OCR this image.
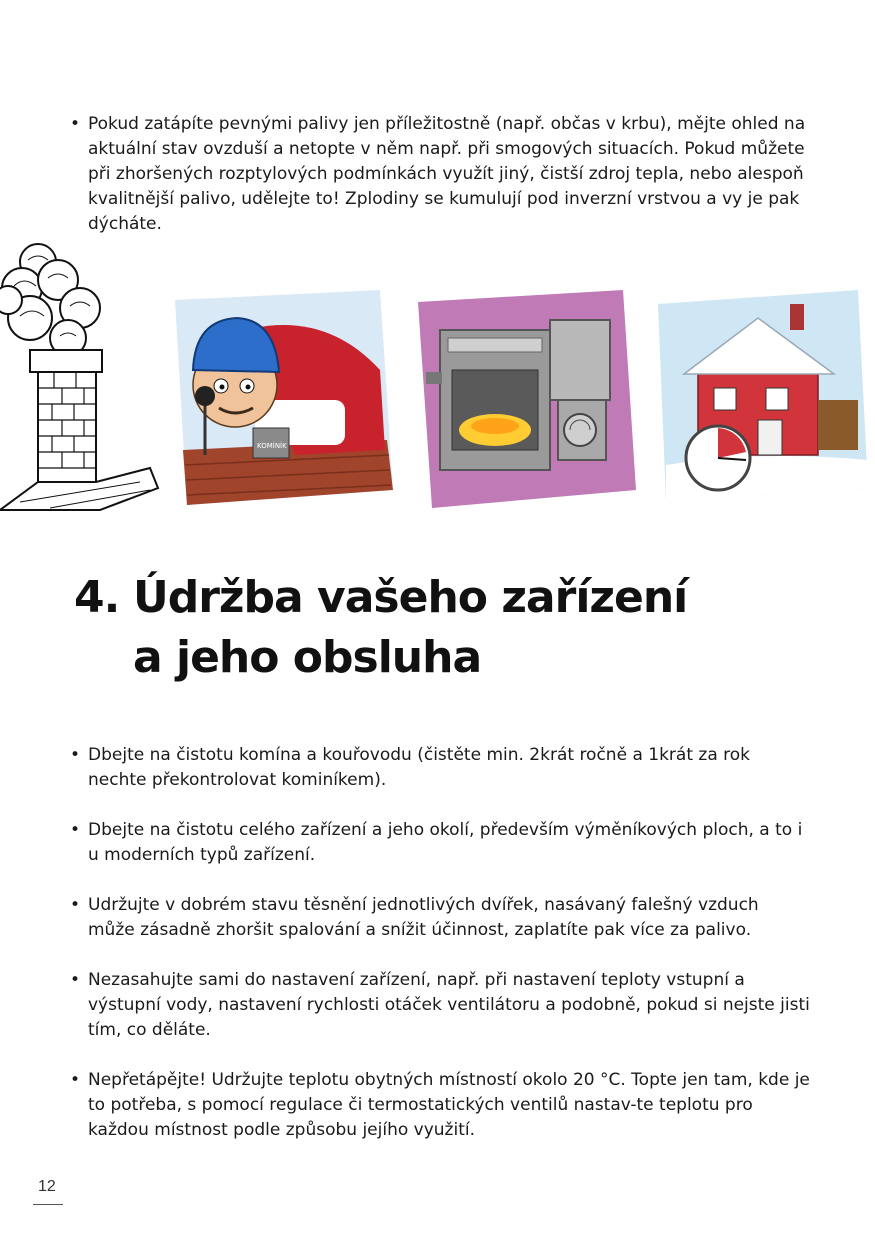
• Pokud zatápíte pevnými palivy jen příležitostně (např. občas v krbu), mějte ohled na aktuální stav ovzduší a netopte v něm např. při smogových situacích. Pokud můžete při zhoršených rozptylových podmínkách využít jiný, čistší zdroj tepla, nebo alespoň kvalitnější palivo, udělejte to! Zplodiny se kumulují pod inverzní vrstvou a vy je pak dýcháte.
KOMÍNÍK
4. Údržba vašeho zařízení
a jeho obsluha
• Dbejte na čistotu komína a kouřovodu (čistěte min. 2krát ročně a 1krát za rok nechte překontrolovat kominíkem).
• Dbejte na čistotu celého zařízení a jeho okolí, především výměníkových ploch, a to i u moderních typů zařízení.
• Udržujte v dobrém stavu těsnění jednotlivých dvířek, nasávaný falešný vzduch může zásadně zhoršit spalování a snížit účinnost, zaplatíte pak více za palivo.
• Nezasahujte sami do nastavení zařízení, např. při nastavení teploty vstupní a výstupní vody, nastavení rychlosti otáček ventilátoru a podobně, pokud si nejste jisti tím, co děláte.
• Nepřetápějte! Udržujte teplotu obytných místností okolo 20 °C. Topte jen tam, kde je to potřeba, s pomocí regulace či termostatických ventilů nastav-te teplotu pro každou místnost podle způsobu jejího využití.
12
